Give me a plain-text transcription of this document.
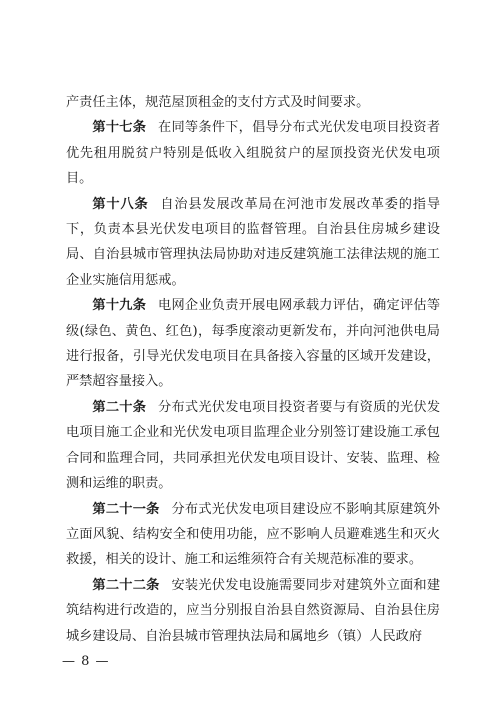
产责任主体，规范屋顶租金的支付方式及时间要求。

第十七条 在同等条件下，倡导分布式光伏发电项目投资者优先租用脱贫户特别是低收入组脱贫户的屋顶投资光伏发电项目。

第十八条 自治县发展改革局在河池市发展改革委的指导下，负责本县光伏发电项目的监督管理。自治县住房城乡建设局、自治县城市管理执法局协助对违反建筑施工法律法规的施工企业实施信用惩戒。

第十九条 电网企业负责开展电网承载力评估，确定评估等级(绿色、黄色、红色)，每季度滚动更新发布，并向河池供电局进行报备，引导光伏发电项目在具备接入容量的区域开发建设，严禁超容量接入。

第二十条 分布式光伏发电项目投资者要与有资质的光伏发电项目施工企业和光伏发电项目监理企业分别签订建设施工承包合同和监理合同，共同承担光伏发电项目设计、安装、监理、检测和运维的职责。

第二十一条 分布式光伏发电项目建设应不影响其原建筑外立面风貌、结构安全和使用功能，应不影响人员避难逃生和灭火救援，相关的设计、施工和运维须符合有关规范标准的要求。

第二十二条 安装光伏发电设施需要同步对建筑外立面和建筑结构进行改造的，应当分别报自治县自然资源局、自治县住房城乡建设局、自治县城市管理执法局和属地乡（镇）人民政府

— 8 —
